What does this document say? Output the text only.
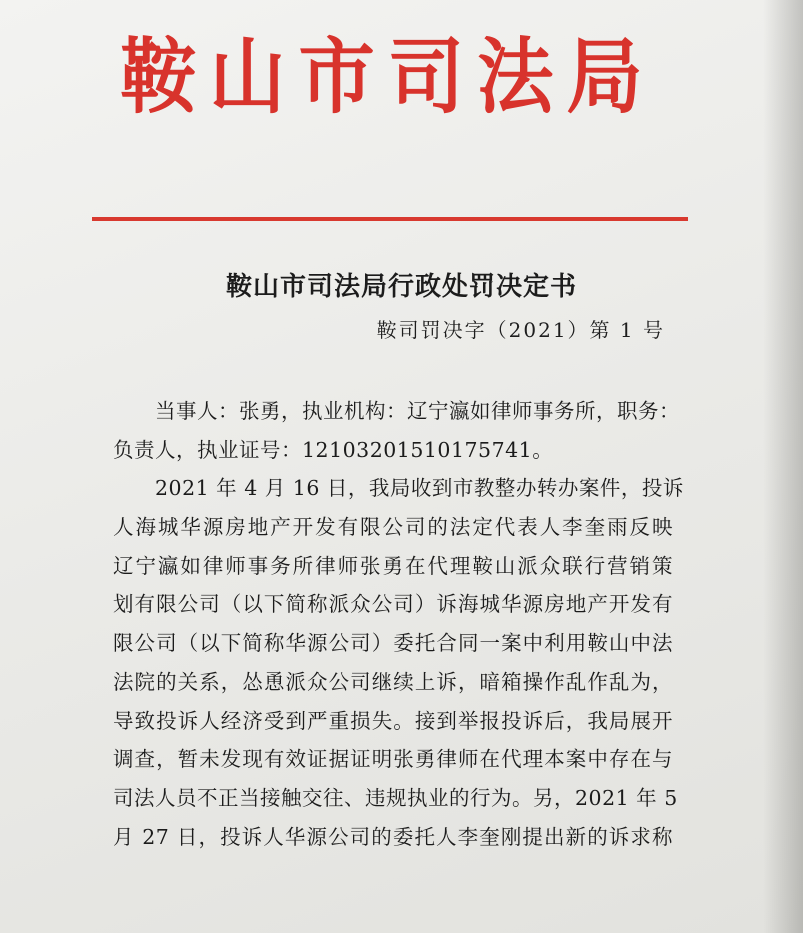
鞍山市司法局
鞍山市司法局行政处罚决定书
鞍司罚决字（2021）第 1 号

当事人：张勇，执业机构：辽宁瀛如律师事务所，职务：
负责人，执业证号：12103201510175741。

2021 年 4 月 16 日，我局收到市教整办转办案件，投诉
人海城华源房地产开发有限公司的法定代表人李奎雨反映
辽宁瀛如律师事务所律师张勇在代理鞍山派众联行营销策
划有限公司（以下简称派众公司）诉海城华源房地产开发有
限公司（以下简称华源公司）委托合同一案中利用鞍山中法
法院的关系，怂恿派众公司继续上诉，暗箱操作乱作乱为，
导致投诉人经济受到严重损失。接到举报投诉后，我局展开
调查，暂未发现有效证据证明张勇律师在代理本案中存在与
司法人员不正当接触交往、违规执业的行为。另，2021 年 5
月 27 日，投诉人华源公司的委托人李奎刚提出新的诉求称
